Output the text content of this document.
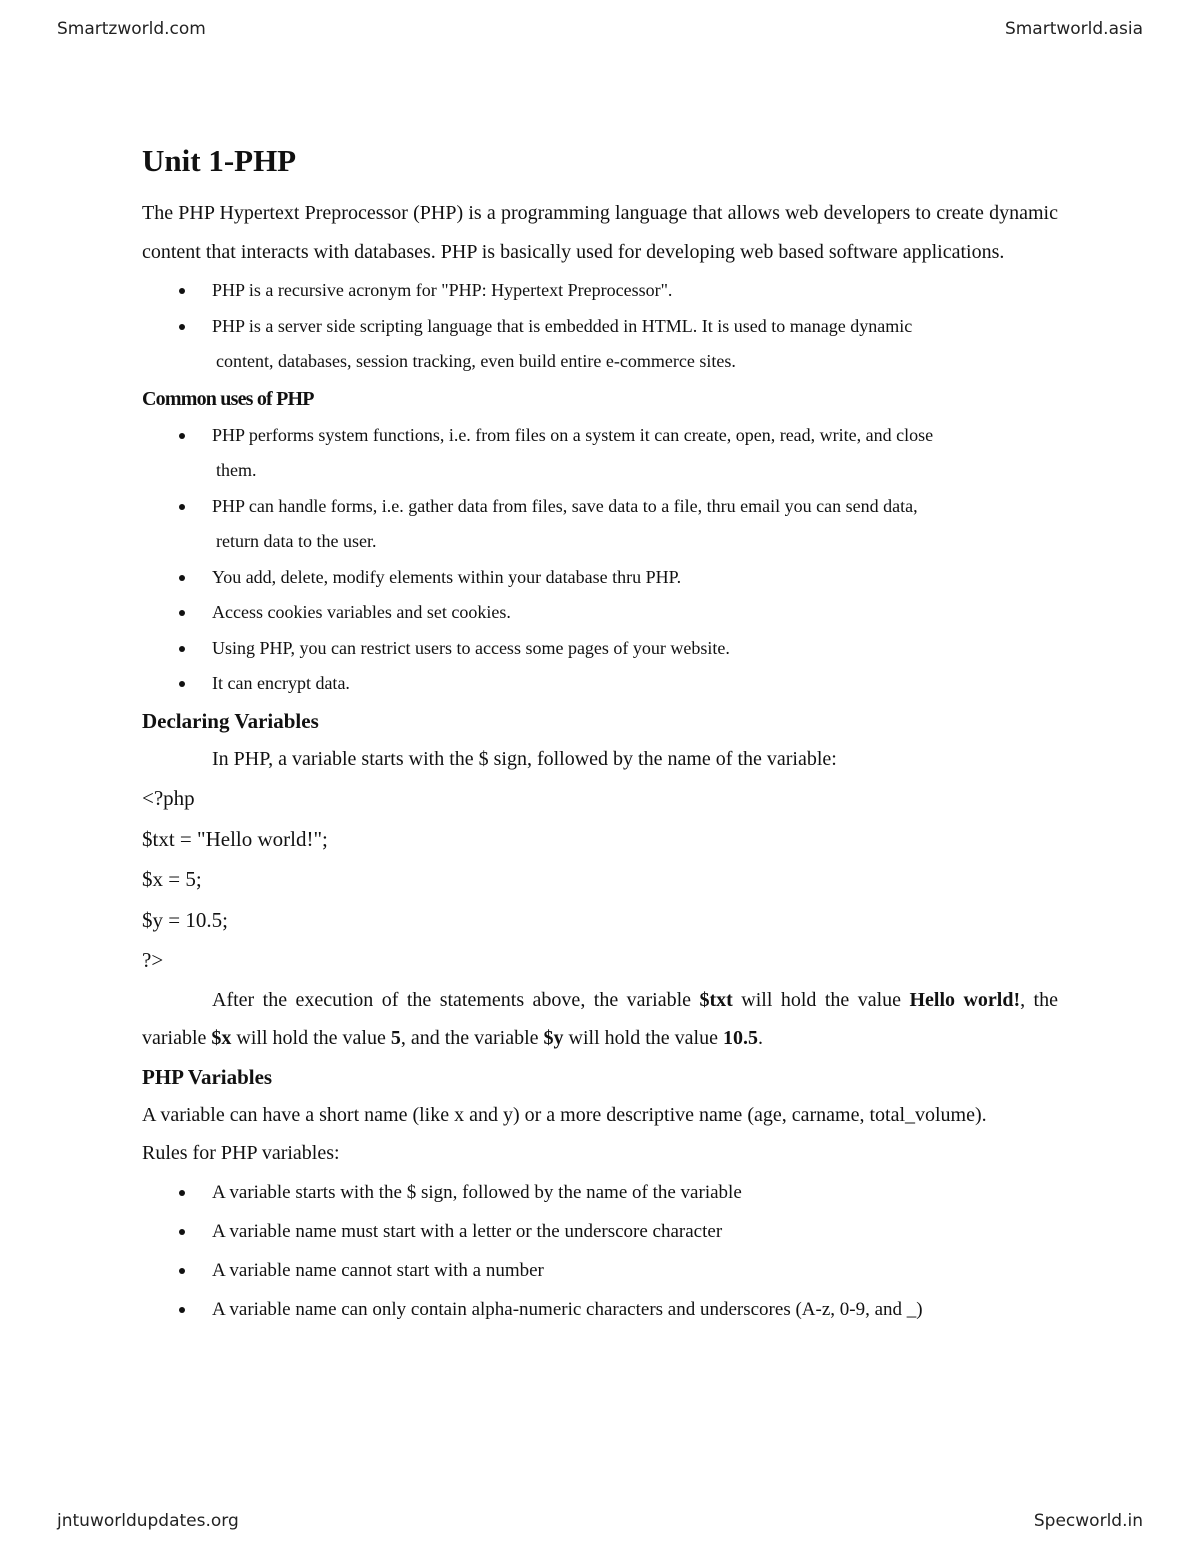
Smartzworld.com	Smartworld.asia
Unit 1-PHP

The PHP Hypertext Preprocessor (PHP) is a programming language that allows web developers to create dynamic content that interacts with databases. PHP is basically used for developing web based software applications.

PHP is a recursive acronym for "PHP: Hypertext Preprocessor".
PHP is a server side scripting language that is embedded in HTML. It is used to manage dynamic
content, databases, session tracking, even build entire e-commerce sites.
Common uses of PHP
PHP performs system functions, i.e. from files on a system it can create, open, read, write, and close
them.
PHP can handle forms, i.e. gather data from files, save data to a file, thru email you can send data,
return data to the user.
You add, delete, modify elements within your database thru PHP.
Access cookies variables and set cookies.
Using PHP, you can restrict users to access some pages of your website.
It can encrypt data.
Declaring Variables

In PHP, a variable starts with the $ sign, followed by the name of the variable:

<?php

$txt = "Hello world!";

$x = 5;

$y = 10.5;

?>

After the execution of the statements above, the variable $txt will hold the value Hello world!, the variable $x will hold the value 5, and the variable $y will hold the value 10.5.

PHP Variables

A variable can have a short name (like x and y) or a more descriptive name (age, carname, total_volume).

Rules for PHP variables:

A variable starts with the $ sign, followed by the name of the variable
A variable name must start with a letter or the underscore character
A variable name cannot start with a number
A variable name can only contain alpha-numeric characters and underscores (A-z, 0-9, and _)
jntuworldupdates.org	Specworld.in
